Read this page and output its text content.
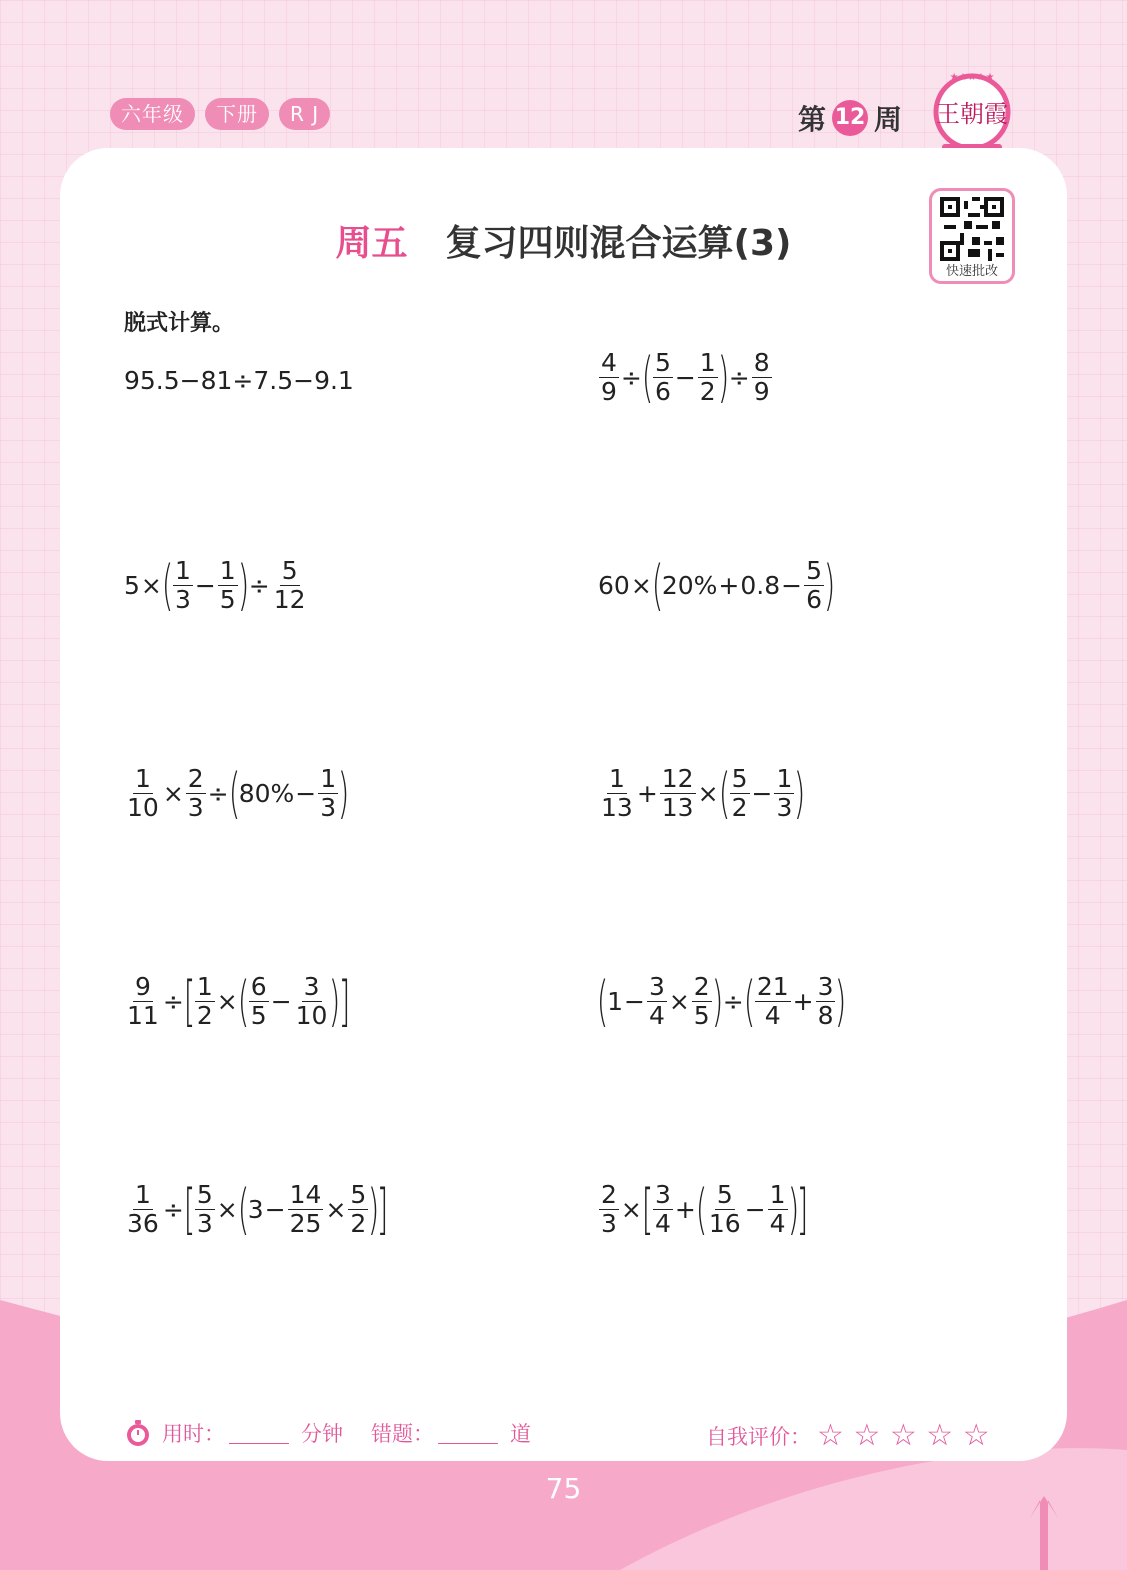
六年级	下册	R J	第 12 周 王朝霞
★★★★★
周五 复习四则混合运算(3)
快速批改
脱式计算。
95.5−81÷7.5−9.1	$\frac{4}{9}$ ÷ ( $\frac{5}{6} - \frac{1}{2}$ ) ÷ $\frac{8}{9}$
5 × ( $\frac{1}{3} - \frac{1}{5}$ ) ÷ $\frac{5}{12}$	60 × (
$20\% + 0.8 - \frac{5}{6}$ )
$\frac{1}{10} \times \frac{2}{3}$ ÷ (
$80\% - \frac{1}{3}$ )	$\frac{1}{13} + \frac{12}{13}$ × ( $\frac{5}{2} - \frac{1}{3}$ )
$\frac{9}{11}$ ÷ [ $\frac{1}{2}$ × ( $\frac{6}{5} - \frac{3}{10}$ )
]	(
$1 - \frac{3}{4} \times \frac{2}{5}$ ) ÷ ( $\frac{21}{4} + \frac{3}{8}$ )
$\frac{1}{36}$ ÷ [ $\frac{5}{3}$ × (
$3 - \frac{14}{25} \times \frac{5}{2}$ )
]	$\frac{2}{3}$ × [ $\frac{3}{4}$ + ( $\frac{5}{16} - \frac{1}{4}$ )
]
用时：	分钟 错题：	道	自我评价： ☆ ☆ ☆ ☆ ☆
75
